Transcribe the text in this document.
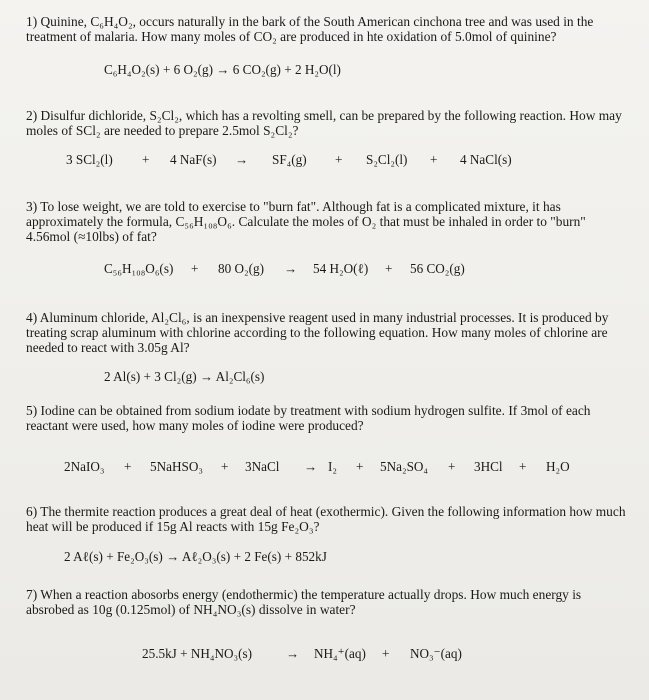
1) Quinine, C₆H₄O₂, occurs naturally in the bark of the South American cinchona tree and was used in the treatment of malaria. How many moles of CO₂ are produced in hte oxidation of 5.0mol of quinine?
C₆H₄O₂(s) + 6 O₂(g) → 6 CO₂(g) + 2 H₂O(l)
2) Disulfur dichloride, S₂Cl₂, which has a revolting smell, can be prepared by the following reaction. How may moles of SCl₂ are needed to prepare 2.5mol S₂Cl₂?
3 SCl₂(l) + 4 NaF(s) → SF₄(g) + S₂Cl₂(l) + 4 NaCl(s)
3) To lose weight, we are told to exercise to "burn fat". Although fat is a complicated mixture, it has approximately the formula, C₅₆H₁₀₈O₆. Calculate the moles of O₂ that must be inhaled in order to "burn" 4.56mol (≈10lbs) of fat?
C₅₆H₁₀₈O₆(s) + 80 O₂(g) → 54 H₂O(ℓ) + 56 CO₂(g)
4) Aluminum chloride, Al₂Cl₆, is an inexpensive reagent used in many industrial processes. It is produced by treating scrap aluminum with chlorine according to the following equation. How many moles of chlorine are needed to react with 3.05g Al?
2 Al(s) + 3 Cl₂(g) → Al₂Cl₆(s)
5) Iodine can be obtained from sodium iodate by treatment with sodium hydrogen sulfite. If 3mol of each reactant were used, how many moles of iodine were produced?
2NaIO₃ + 5NaHSO₃ + 3NaCl → I₂ + 5Na₂SO₄ + 3HCl + H₂O
6) The thermite reaction produces a great deal of heat (exothermic). Given the following information how much heat will be produced if 15g Al reacts with 15g Fe₂O₃?
2 Aℓ(s) + Fe₂O₃(s) → Aℓ₂O₃(s) + 2 Fe(s) + 852kJ
7) When a reaction abosorbs energy (endothermic) the temperature actually drops. How much energy is absrobed as 10g (0.125mol) of NH₄NO₃(s) dissolve in water?
25.5kJ + NH₄NO₃(s)	→ NH₄⁺(aq) + NO₃⁻(aq)
